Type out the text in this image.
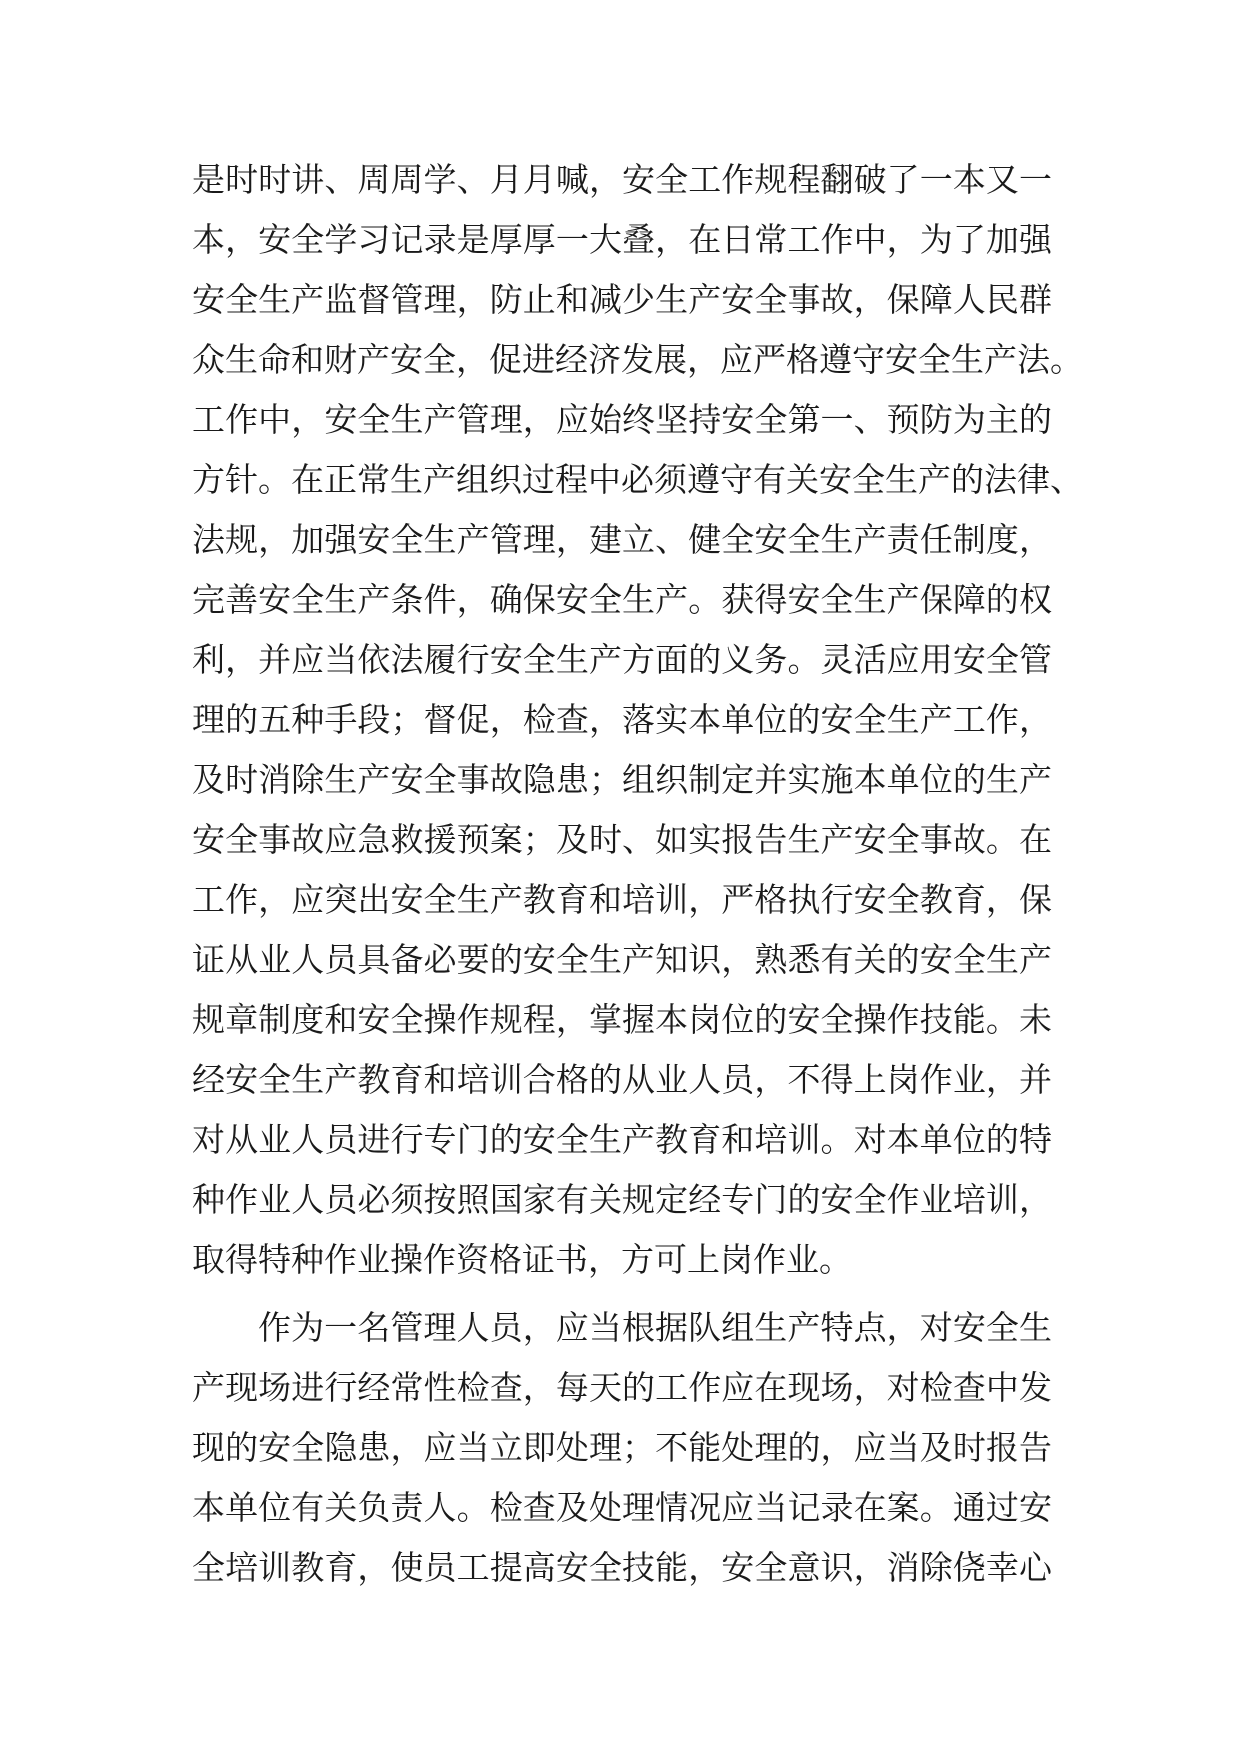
是时时讲、周周学、月月喊，安全工作规程翻破了一本又一
本，安全学习记录是厚厚一大叠，在日常工作中，为了加强
安全生产监督管理，防止和减少生产安全事故，保障人民群
众生命和财产安全，促进经济发展，应严格遵守安全生产法。
工作中，安全生产管理，应始终坚持安全第一、预防为主的
方针。在正常生产组织过程中必须遵守有关安全生产的法律、
法规，加强安全生产管理，建立、健全安全生产责任制度，
完善安全生产条件，确保安全生产。获得安全生产保障的权
利，并应当依法履行安全生产方面的义务。灵活应用安全管
理的五种手段；督促，检查，落实本单位的安全生产工作，
及时消除生产安全事故隐患；组织制定并实施本单位的生产
安全事故应急救援预案；及时、如实报告生产安全事故。在
工作，应突出安全生产教育和培训，严格执行安全教育，保
证从业人员具备必要的安全生产知识，熟悉有关的安全生产
规章制度和安全操作规程，掌握本岗位的安全操作技能。未
经安全生产教育和培训合格的从业人员，不得上岗作业，并
对从业人员进行专门的安全生产教育和培训。对本单位的特
种作业人员必须按照国家有关规定经专门的安全作业培训，
取得特种作业操作资格证书，方可上岗作业。
作为一名管理人员，应当根据队组生产特点，对安全生
产现场进行经常性检查，每天的工作应在现场，对检查中发
现的安全隐患，应当立即处理；不能处理的，应当及时报告
本单位有关负责人。检查及处理情况应当记录在案。通过安
全培训教育，使员工提高安全技能，安全意识，消除侥幸心
